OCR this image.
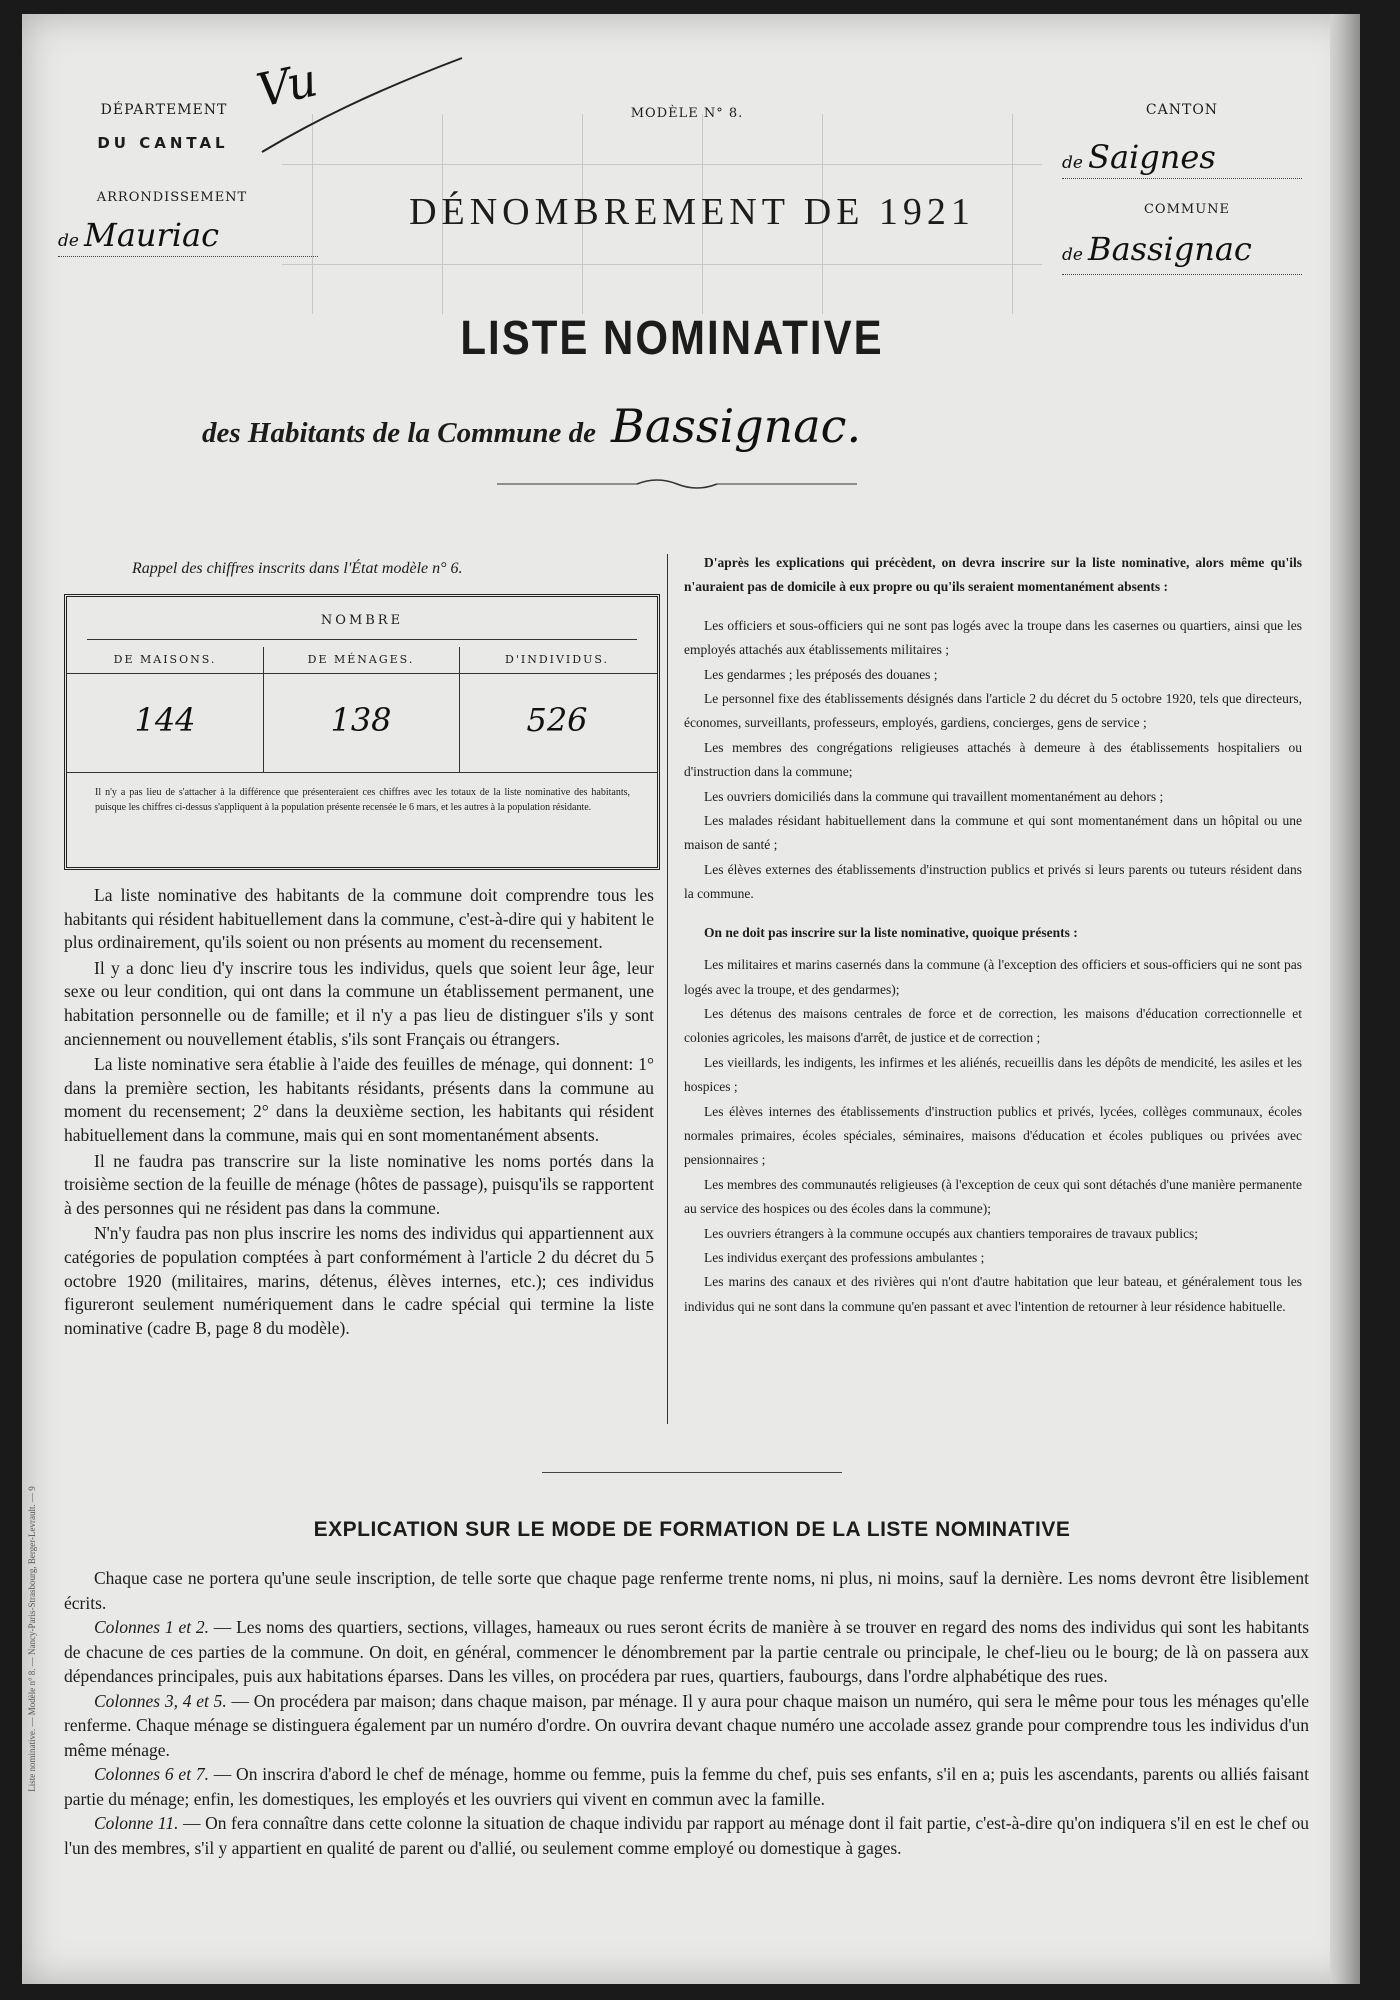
DÉPARTEMENT
DU CANTAL
ARRONDISSEMENT
de Mauriac
Vu	MODÈLE N° 8.
DÉNOMBREMENT DE 1921
CANTON
de Saignes
COMMUNE
de Bassignac
LISTE NOMINATIVE
des Habitants de la Commune de Bassignac.
Rappel des chiffres inscrits dans l'État modèle n° 6.
NOMBRE
DE MAISONS.	DE MÉNAGES.	D'INDIVIDUS.
144	138	526
Il n'y a pas lieu de s'attacher à la différence que présenteraient ces chiffres avec les totaux de la liste nominative des habitants, puisque les chiffres ci-dessus s'appliquent à la population présente recensée le 6 mars, et les autres à la population résidante.

La liste nominative des habitants de la commune doit comprendre tous les habitants qui résident habituellement dans la commune, c'est-à-dire qui y habitent le plus ordinairement, qu'ils soient ou non présents au moment du recensement.

Il y a donc lieu d'y inscrire tous les individus, quels que soient leur âge, leur sexe ou leur condition, qui ont dans la commune un établissement permanent, une habitation personnelle ou de famille; et il n'y a pas lieu de distinguer s'ils y sont anciennement ou nouvellement établis, s'ils sont Français ou étrangers.

La liste nominative sera établie à l'aide des feuilles de ménage, qui donnent: 1° dans la première section, les habitants résidants, présents dans la commune au moment du recensement; 2° dans la deuxième section, les habitants qui résident habituellement dans la commune, mais qui en sont momentanément absents.

Il ne faudra pas transcrire sur la liste nominative les noms portés dans la troisième section de la feuille de ménage (hôtes de passage), puisqu'ils se rapportent à des personnes qui ne résident pas dans la commune.

N'n'y faudra pas non plus inscrire les noms des individus qui appartiennent aux catégories de population comptées à part conformément à l'article 2 du décret du 5 octobre 1920 (militaires, marins, détenus, élèves internes, etc.); ces individus figureront seulement numériquement dans le cadre spécial qui termine la liste nominative (cadre B, page 8 du modèle).

D'après les explications qui précèdent, on devra inscrire sur la liste nominative, alors même qu'ils n'auraient pas de domicile à eux propre ou qu'ils seraient momentanément absents :

Les officiers et sous-officiers qui ne sont pas logés avec la troupe dans les casernes ou quartiers, ainsi que les employés attachés aux établissements militaires ;

Les gendarmes ; les préposés des douanes ;

Le personnel fixe des établissements désignés dans l'article 2 du décret du 5 octobre 1920, tels que directeurs, économes, surveillants, professeurs, employés, gardiens, concierges, gens de service ;

Les membres des congrégations religieuses attachés à demeure à des établissements hospitaliers ou d'instruction dans la commune;

Les ouvriers domiciliés dans la commune qui travaillent momentanément au dehors ;

Les malades résidant habituellement dans la commune et qui sont momentanément dans un hôpital ou une maison de santé ;

Les élèves externes des établissements d'instruction publics et privés si leurs parents ou tuteurs résident dans la commune.

On ne doit pas inscrire sur la liste nominative, quoique présents :

Les militaires et marins casernés dans la commune (à l'exception des officiers et sous-officiers qui ne sont pas logés avec la troupe, et des gendarmes);

Les détenus des maisons centrales de force et de correction, les maisons d'éducation correctionnelle et colonies agricoles, les maisons d'arrêt, de justice et de correction ;

Les vieillards, les indigents, les infirmes et les aliénés, recueillis dans les dépôts de mendicité, les asiles et les hospices ;

Les élèves internes des établissements d'instruction publics et privés, lycées, collèges communaux, écoles normales primaires, écoles spéciales, séminaires, maisons d'éducation et écoles publiques ou privées avec pensionnaires ;

Les membres des communautés religieuses (à l'exception de ceux qui sont détachés d'une manière permanente au service des hospices ou des écoles dans la commune);

Les ouvriers étrangers à la commune occupés aux chantiers temporaires de travaux publics;

Les individus exerçant des professions ambulantes ;

Les marins des canaux et des rivières qui n'ont d'autre habitation que leur bateau, et généralement tous les individus qui ne sont dans la commune qu'en passant et avec l'intention de retourner à leur résidence habituelle.

EXPLICATION SUR LE MODE DE FORMATION DE LA LISTE NOMINATIVE

Chaque case ne portera qu'une seule inscription, de telle sorte que chaque page renferme trente noms, ni plus, ni moins, sauf la dernière. Les noms devront être lisiblement écrits.

Colonnes 1 et 2. — Les noms des quartiers, sections, villages, hameaux ou rues seront écrits de manière à se trouver en regard des noms des individus qui sont les habitants de chacune de ces parties de la commune. On doit, en général, commencer le dénombrement par la partie centrale ou principale, le chef-lieu ou le bourg; de là on passera aux dépendances principales, puis aux habitations éparses. Dans les villes, on procédera par rues, quartiers, faubourgs, dans l'ordre alphabétique des rues.

Colonnes 3, 4 et 5. — On procédera par maison; dans chaque maison, par ménage. Il y aura pour chaque maison un numéro, qui sera le même pour tous les ménages qu'elle renferme. Chaque ménage se distinguera également par un numéro d'ordre. On ouvrira devant chaque numéro une accolade assez grande pour comprendre tous les individus d'un même ménage.

Colonnes 6 et 7. — On inscrira d'abord le chef de ménage, homme ou femme, puis la femme du chef, puis ses enfants, s'il en a; puis les ascendants, parents ou alliés faisant partie du ménage; enfin, les domestiques, les employés et les ouvriers qui vivent en commun avec la famille.

Colonne 11. — On fera connaître dans cette colonne la situation de chaque individu par rapport au ménage dont il fait partie, c'est-à-dire qu'on indiquera s'il en est le chef ou l'un des membres, s'il y appartient en qualité de parent ou d'allié, ou seulement comme employé ou domestique à gages.

Liste nominative. — Modèle n° 8. — Nancy-Paris-Strasbourg, Berger-Levrault. — 9
